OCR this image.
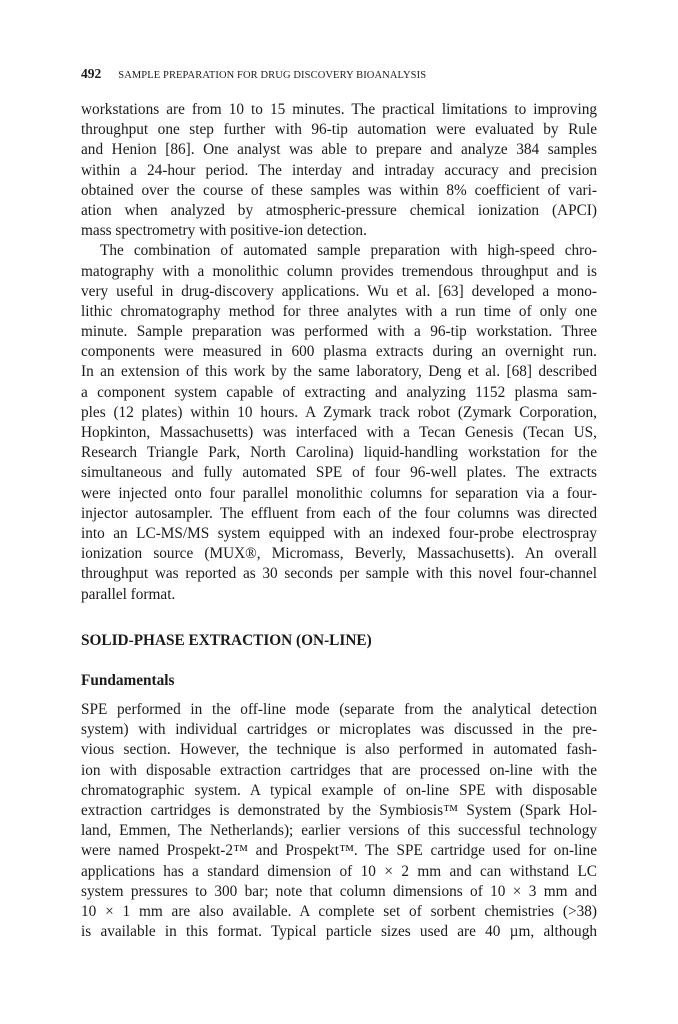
492 SAMPLE PREPARATION FOR DRUG DISCOVERY BIOANALYSIS

workstations are from 10 to 15 minutes. The practical limitations to improving
throughput one step further with 96-tip automation were evaluated by Rule
and Henion [86]. One analyst was able to prepare and analyze 384 samples
within a 24-hour period. The interday and intraday accuracy and precision
obtained over the course of these samples was within 8% coefficient of vari-
ation when analyzed by atmospheric-pressure chemical ionization (APCI)
mass spectrometry with positive-ion detection.

The combination of automated sample preparation with high-speed chro-
matography with a monolithic column provides tremendous throughput and is
very useful in drug-discovery applications. Wu et al. [63] developed a mono-
lithic chromatography method for three analytes with a run time of only one
minute. Sample preparation was performed with a 96-tip workstation. Three
components were measured in 600 plasma extracts during an overnight run.
In an extension of this work by the same laboratory, Deng et al. [68] described
a component system capable of extracting and analyzing 1152 plasma sam-
ples (12 plates) within 10 hours. A Zymark track robot (Zymark Corporation,
Hopkinton, Massachusetts) was interfaced with a Tecan Genesis (Tecan US,
Research Triangle Park, North Carolina) liquid-handling workstation for the
simultaneous and fully automated SPE of four 96-well plates. The extracts
were injected onto four parallel monolithic columns for separation via a four-
injector autosampler. The effluent from each of the four columns was directed
into an LC-MS/MS system equipped with an indexed four-probe electrospray
ionization source (MUX®, Micromass, Beverly, Massachusetts). An overall
throughput was reported as 30 seconds per sample with this novel four-channel
parallel format.

SOLID-PHASE EXTRACTION (ON-LINE)
Fundamentals

SPE performed in the off-line mode (separate from the analytical detection
system) with individual cartridges or microplates was discussed in the pre-
vious section. However, the technique is also performed in automated fash-
ion with disposable extraction cartridges that are processed on-line with the
chromatographic system. A typical example of on-line SPE with disposable
extraction cartridges is demonstrated by the Symbiosis™ System (Spark Hol-
land, Emmen, The Netherlands); earlier versions of this successful technology
were named Prospekt-2™ and Prospekt™. The SPE cartridge used for on-line
applications has a standard dimension of 10 × 2 mm and can withstand LC
system pressures to 300 bar; note that column dimensions of 10 × 3 mm and
10 × 1 mm are also available. A complete set of sorbent chemistries (>38)
is available in this format. Typical particle sizes used are 40 µm, although
